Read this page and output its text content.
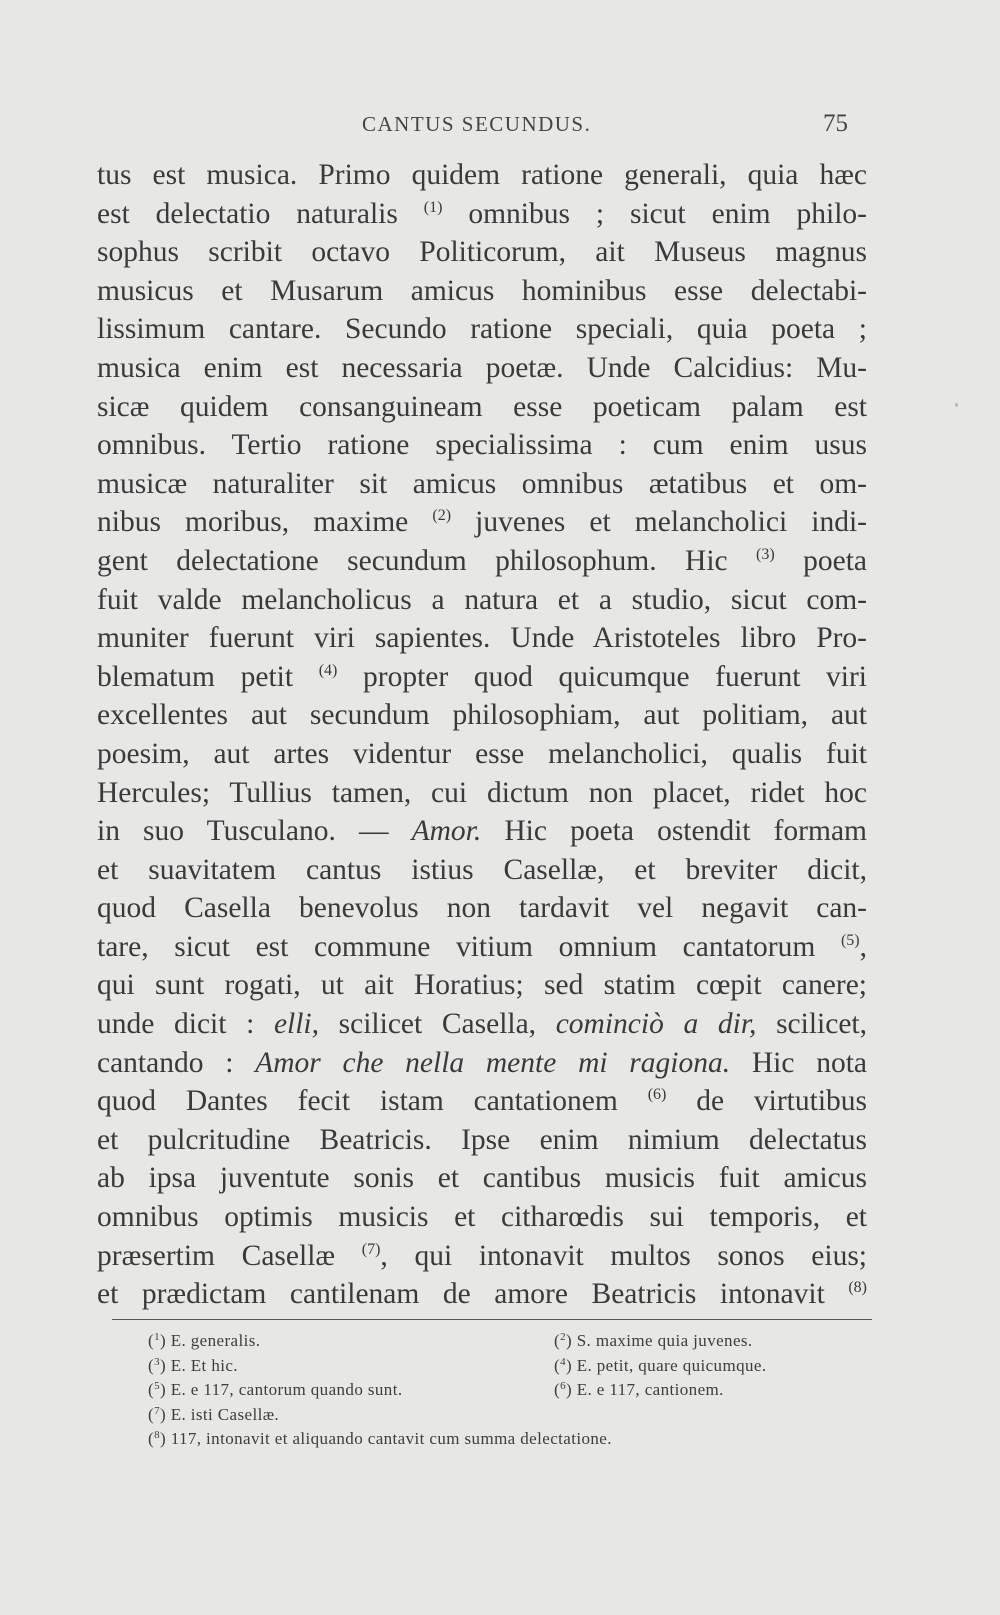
CANTUS SECUNDUS.	75
tus est musica. Primo quidem ratione generali, quia hæc
est delectatio naturalis $^{(1)}$ omnibus ; sicut enim philo-
sophus scribit octavo Politicorum, ait Museus magnus
musicus et Musarum amicus hominibus esse delectabi-
lissimum cantare. Secundo ratione speciali, quia poeta ;
musica enim est necessaria poetæ. Unde Calcidius: Mu-
sicæ quidem consanguineam esse poeticam palam est
omnibus. Tertio ratione specialissima : cum enim usus
musicæ naturaliter sit amicus omnibus ætatibus et om-
nibus moribus, maxime $^{(2)}$ juvenes et melancholici indi-
gent delectatione secundum philosophum. Hic $^{(3)}$ poeta
fuit valde melancholicus a natura et a studio, sicut com-
muniter fuerunt viri sapientes. Unde Aristoteles libro Pro-
blematum petit $^{(4)}$ propter quod quicumque fuerunt viri
excellentes aut secundum philosophiam, aut politiam, aut
poesim, aut artes videntur esse melancholici, qualis fuit
Hercules; Tullius tamen, cui dictum non placet, ridet hoc
in suo Tusculano. — Amor. Hic poeta ostendit formam
et suavitatem cantus istius Casellæ, et breviter dicit,
quod Casella benevolus non tardavit vel negavit can-
tare, sicut est commune vitium omnium cantatorum $^{(5)}$,
qui sunt rogati, ut ait Horatius; sed statim cœpit canere;
unde dicit : elli, scilicet Casella, cominciò a dir, scilicet,
cantando : Amor che nella mente mi ragiona. Hic nota
quod Dantes fecit istam cantationem $^{(6)}$ de virtutibus
et pulcritudine Beatricis. Ipse enim nimium delectatus
ab ipsa juventute sonis et cantibus musicis fuit amicus
omnibus optimis musicis et citharœdis sui temporis, et
præsertim Casellæ $^{(7)}$, qui intonavit multos sonos eius;
et prædictam cantilenam de amore Beatricis intonavit $^{(8)}$
($^1$) E. generalis.	($^2$) S. maxime quia juvenes.
($^3$) E. Et hic.	($^4$) E. petit, quare quicumque.
($^5$) E. e 117, cantorum quando sunt.	($^6$) E. e 117, cantionem.
($^7$) E. isti Casellæ.
($^8$) 117, intonavit et aliquando cantavit cum summa delectatione.
